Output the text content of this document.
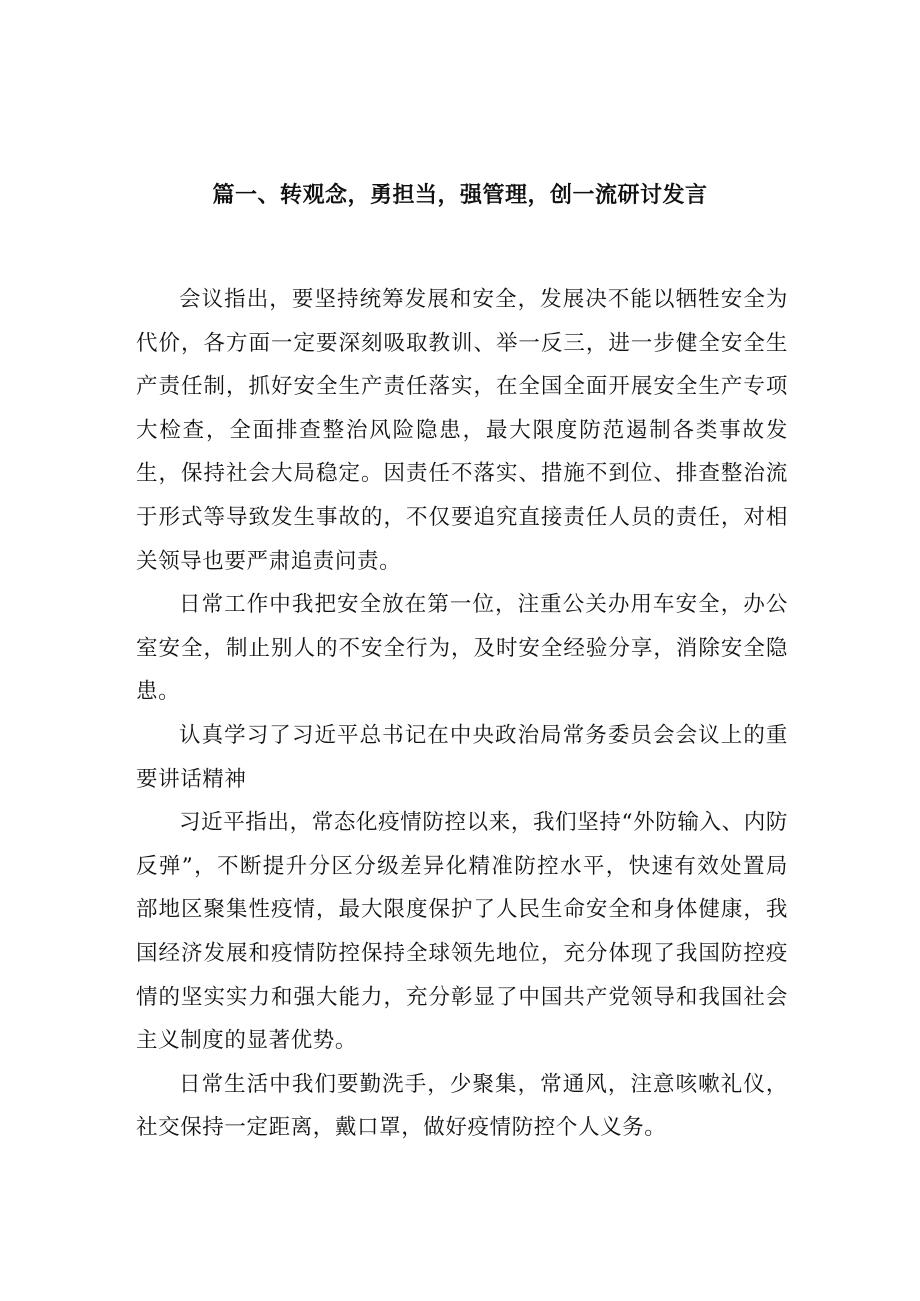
篇一、转观念，勇担当，强管理，创一流研讨发言

会议指出，要坚持统筹发展和安全，发展决不能以牺牲安全为代价，各方面一定要深刻吸取教训、举一反三，进一步健全安全生产责任制，抓好安全生产责任落实，在全国全面开展安全生产专项大检查，全面排查整治风险隐患，最大限度防范遏制各类事故发生，保持社会大局稳定。因责任不落实、措施不到位、排查整治流于形式等导致发生事故的，不仅要追究直接责任人员的责任，对相关领导也要严肃追责问责。

日常工作中我把安全放在第一位，注重公关办用车安全，办公室安全，制止别人的不安全行为，及时安全经验分享，消除安全隐患。

认真学习了习近平总书记在中央政治局常务委员会会议上的重要讲话精神

习近平指出，常态化疫情防控以来，我们坚持“外防输入、内防反弹”，不断提升分区分级差异化精准防控水平，快速有效处置局部地区聚集性疫情，最大限度保护了人民生命安全和身体健康，我国经济发展和疫情防控保持全球领先地位，充分体现了我国防控疫情的坚实实力和强大能力，充分彰显了中国共产党领导和我国社会主义制度的显著优势。

日常生活中我们要勤洗手，少聚集，常通风，注意咳嗽礼仪，社交保持一定距离，戴口罩，做好疫情防控个人义务。
